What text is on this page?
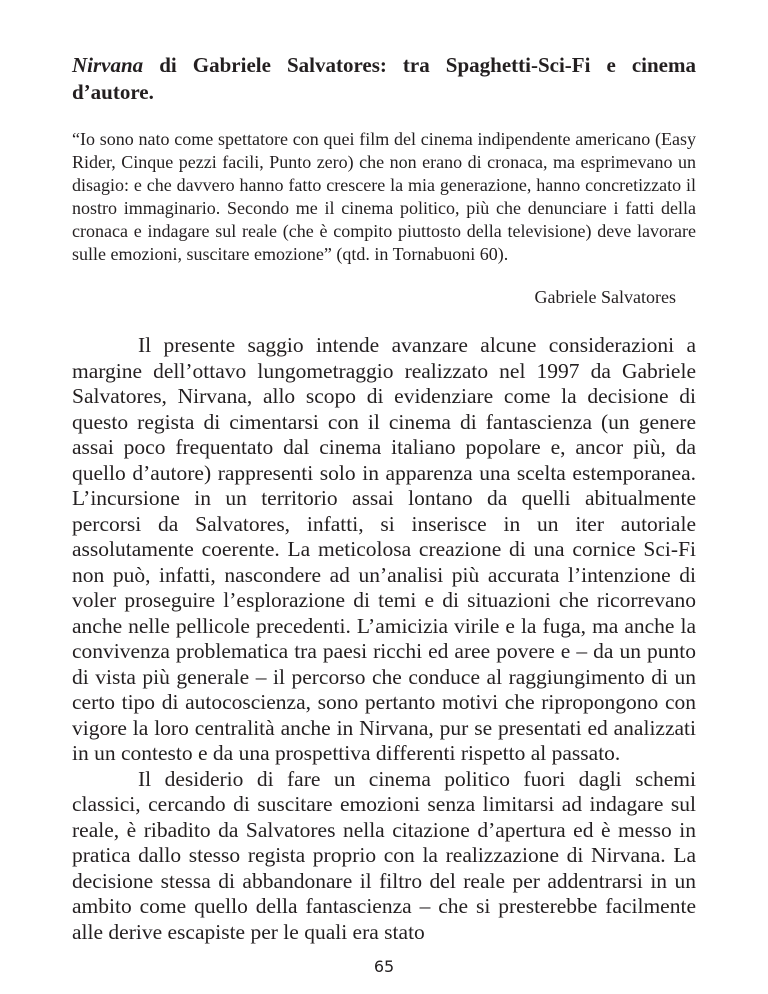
Nirvana di Gabriele Salvatores: tra Spaghetti-Sci-Fi e cinema d’autore.

“Io sono nato come spettatore con quei film del cinema indipendente americano (Easy Rider, Cinque pezzi facili, Punto zero) che non erano di cronaca, ma esprimevano un disagio: e che davvero hanno fatto crescere la mia generazione, hanno concretizzato il nostro immaginario. Secondo me il cinema politico, più che denunciare i fatti della cronaca e indagare sul reale (che è compito piuttosto della televisione) deve lavorare sulle emozioni, suscitare emozione” (qtd. in Tornabuoni 60).

Gabriele Salvatores

Il presente saggio intende avanzare alcune considerazioni a margine dell’ottavo lungometraggio realizzato nel 1997 da Gabriele Salvatores, Nirvana, allo scopo di evidenziare come la decisione di questo regista di cimentarsi con il cinema di fantascienza (un genere assai poco frequentato dal cinema italiano popolare e, ancor più, da quello d’autore) rappresenti solo in apparenza una scelta estemporanea. L’incursione in un territorio assai lontano da quelli abitualmente percorsi da Salvatores, infatti, si inserisce in un iter autoriale assolutamente coerente. La meticolosa creazione di una cornice Sci-Fi non può, infatti, nascondere ad un’analisi più accurata l’intenzione di voler proseguire l’esplorazione di temi e di situazioni che ricorrevano anche nelle pellicole precedenti. L’amicizia virile e la fuga, ma anche la convivenza problematica tra paesi ricchi ed aree povere e – da un punto di vista più generale – il percorso che conduce al raggiungimento di un certo tipo di autocoscienza, sono pertanto motivi che ripropongono con vigore la loro centralità anche in Nirvana, pur se presentati ed analizzati in un contesto e da una prospettiva differenti rispetto al passato.

Il desiderio di fare un cinema politico fuori dagli schemi classici, cercando di suscitare emozioni senza limitarsi ad indagare sul reale, è ribadito da Salvatores nella citazione d’apertura ed è messo in pratica dallo stesso regista proprio con la realizzazione di Nirvana. La decisione stessa di abbandonare il filtro del reale per addentrarsi in un ambito come quello della fantascienza – che si presterebbe facilmente alle derive escapiste per le quali era stato

65
